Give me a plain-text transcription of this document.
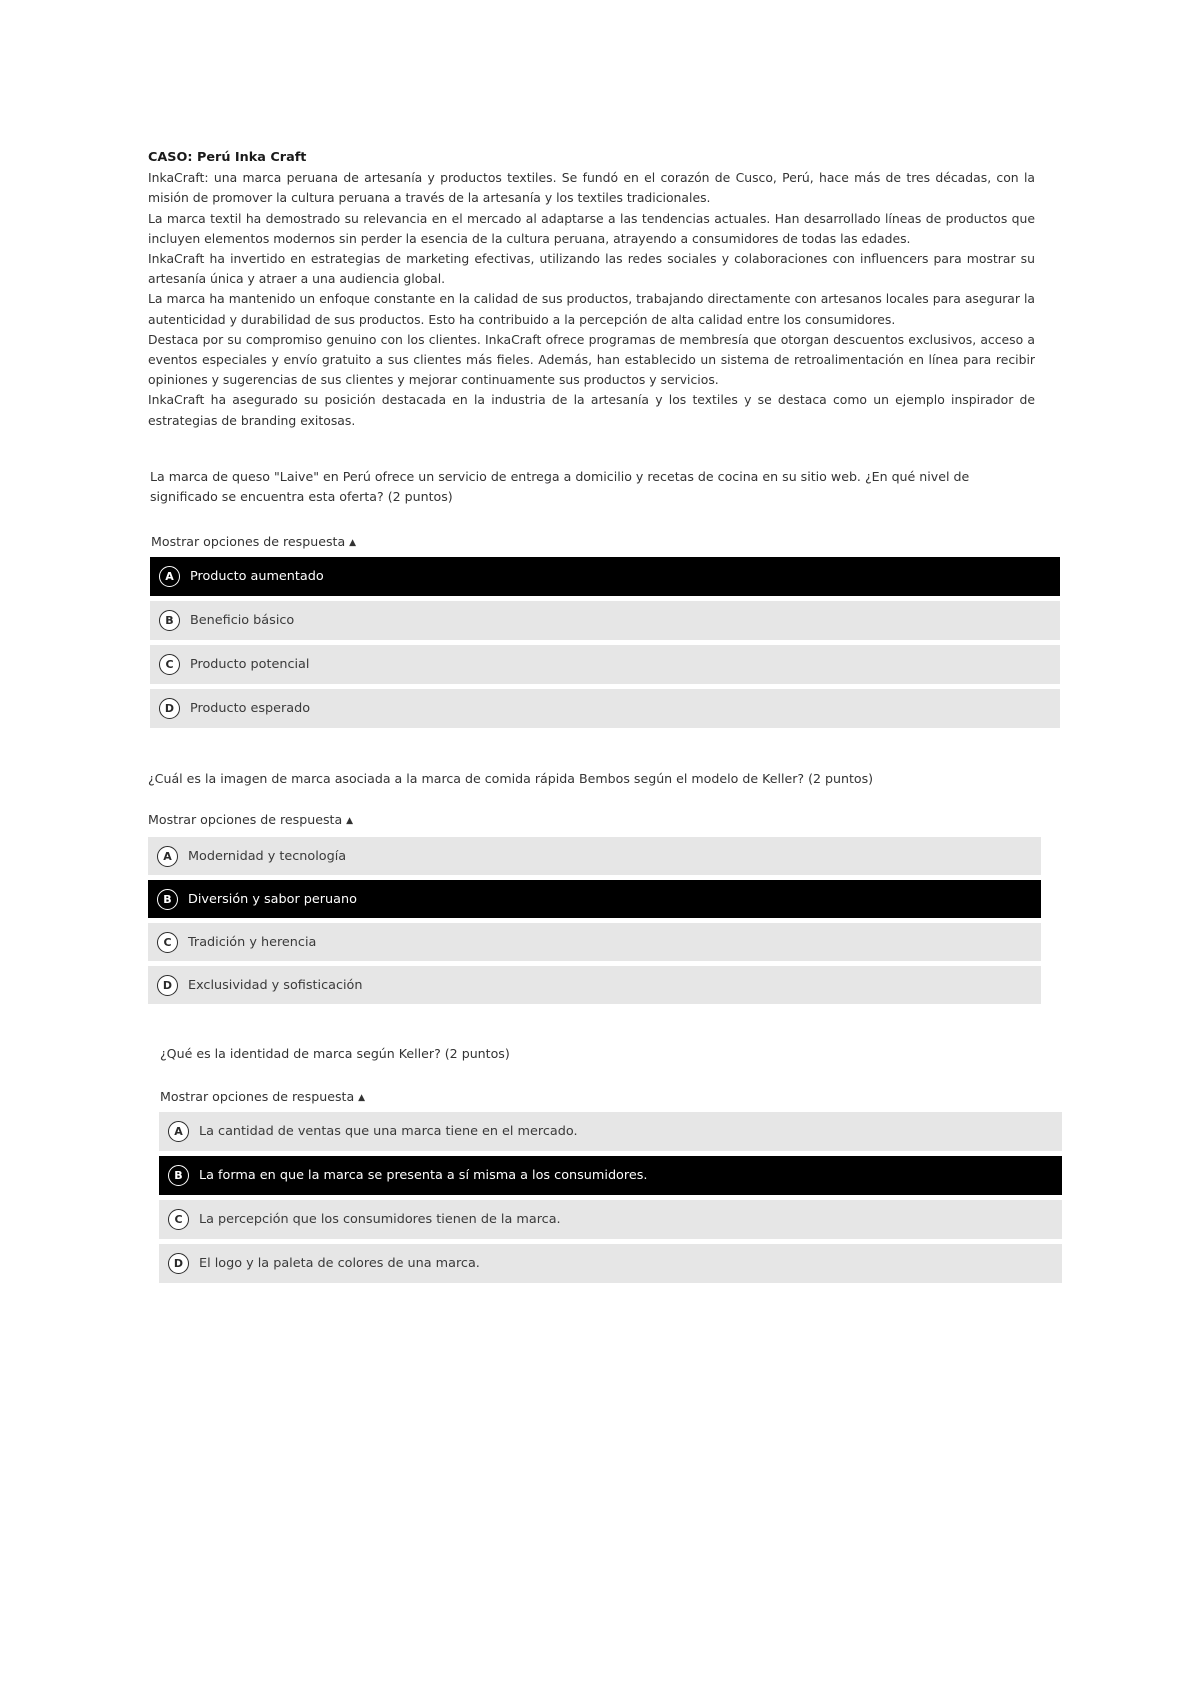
CASO: Perú Inka Craft

InkaCraft: una marca peruana de artesanía y productos textiles. Se fundó en el corazón de Cusco, Perú, hace más de tres décadas, con la misión de promover la cultura peruana a través de la artesanía y los textiles tradicionales.

La marca textil ha demostrado su relevancia en el mercado al adaptarse a las tendencias actuales. Han desarrollado líneas de productos que incluyen elementos modernos sin perder la esencia de la cultura peruana, atrayendo a consumidores de todas las edades.

InkaCraft ha invertido en estrategias de marketing efectivas, utilizando las redes sociales y colaboraciones con influencers para mostrar su artesanía única y atraer a una audiencia global.

La marca ha mantenido un enfoque constante en la calidad de sus productos, trabajando directamente con artesanos locales para asegurar la autenticidad y durabilidad de sus productos. Esto ha contribuido a la percepción de alta calidad entre los consumidores.

Destaca por su compromiso genuino con los clientes. InkaCraft ofrece programas de membresía que otorgan descuentos exclusivos, acceso a eventos especiales y envío gratuito a sus clientes más fieles. Además, han establecido un sistema de retroalimentación en línea para recibir opiniones y sugerencias de sus clientes y mejorar continuamente sus productos y servicios.

InkaCraft ha asegurado su posición destacada en la industria de la artesanía y los textiles y se destaca como un ejemplo inspirador de estrategias de branding exitosas.

La marca de queso "Laive" en Perú ofrece un servicio de entrega a domicilio y recetas de cocina en su sitio web. ¿En qué nivel de significado se encuentra esta oferta? (2 puntos)
Mostrar opciones de respuesta ▲
A	Producto aumentado
B	Beneficio básico
C	Producto potencial
D	Producto esperado
¿Cuál es la imagen de marca asociada a la marca de comida rápida Bembos según el modelo de Keller? (2 puntos)
Mostrar opciones de respuesta ▲
A	Modernidad y tecnología
B	Diversión y sabor peruano
C	Tradición y herencia
D	Exclusividad y sofisticación
¿Qué es la identidad de marca según Keller? (2 puntos)
Mostrar opciones de respuesta ▲
A	La cantidad de ventas que una marca tiene en el mercado.
B	La forma en que la marca se presenta a sí misma a los consumidores.
C	La percepción que los consumidores tienen de la marca.
D	El logo y la paleta de colores de una marca.
